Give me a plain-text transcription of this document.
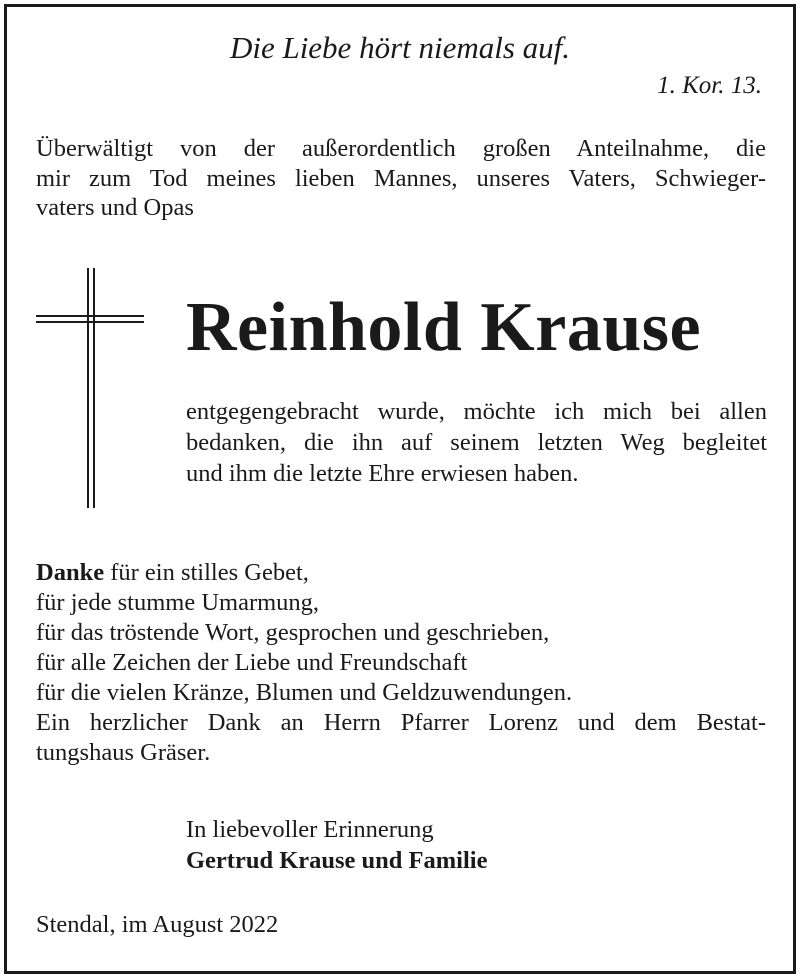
Die Liebe hört niemals auf.
1. Kor. 13.
Überwältigt von der außerordentlich großen Anteilnahme, die
mir zum Tod meines lieben Mannes, unseres Vaters, Schwieger-
vaters und Opas
Reinhold Krause
entgegengebracht wurde, möchte ich mich bei allen
bedanken, die ihn auf seinem letzten Weg begleitet
und ihm die letzte Ehre erwiesen haben.
Danke für ein stilles Gebet,
für jede stumme Umarmung,
für das tröstende Wort, gesprochen und geschrieben,
für alle Zeichen der Liebe und Freundschaft
für die vielen Kränze, Blumen und Geldzuwendungen.
Ein herzlicher Dank an Herrn Pfarrer Lorenz und dem Bestat-
tungshaus Gräser.
In liebevoller Erinnerung
Gertrud Krause und Familie
Stendal, im August 2022
